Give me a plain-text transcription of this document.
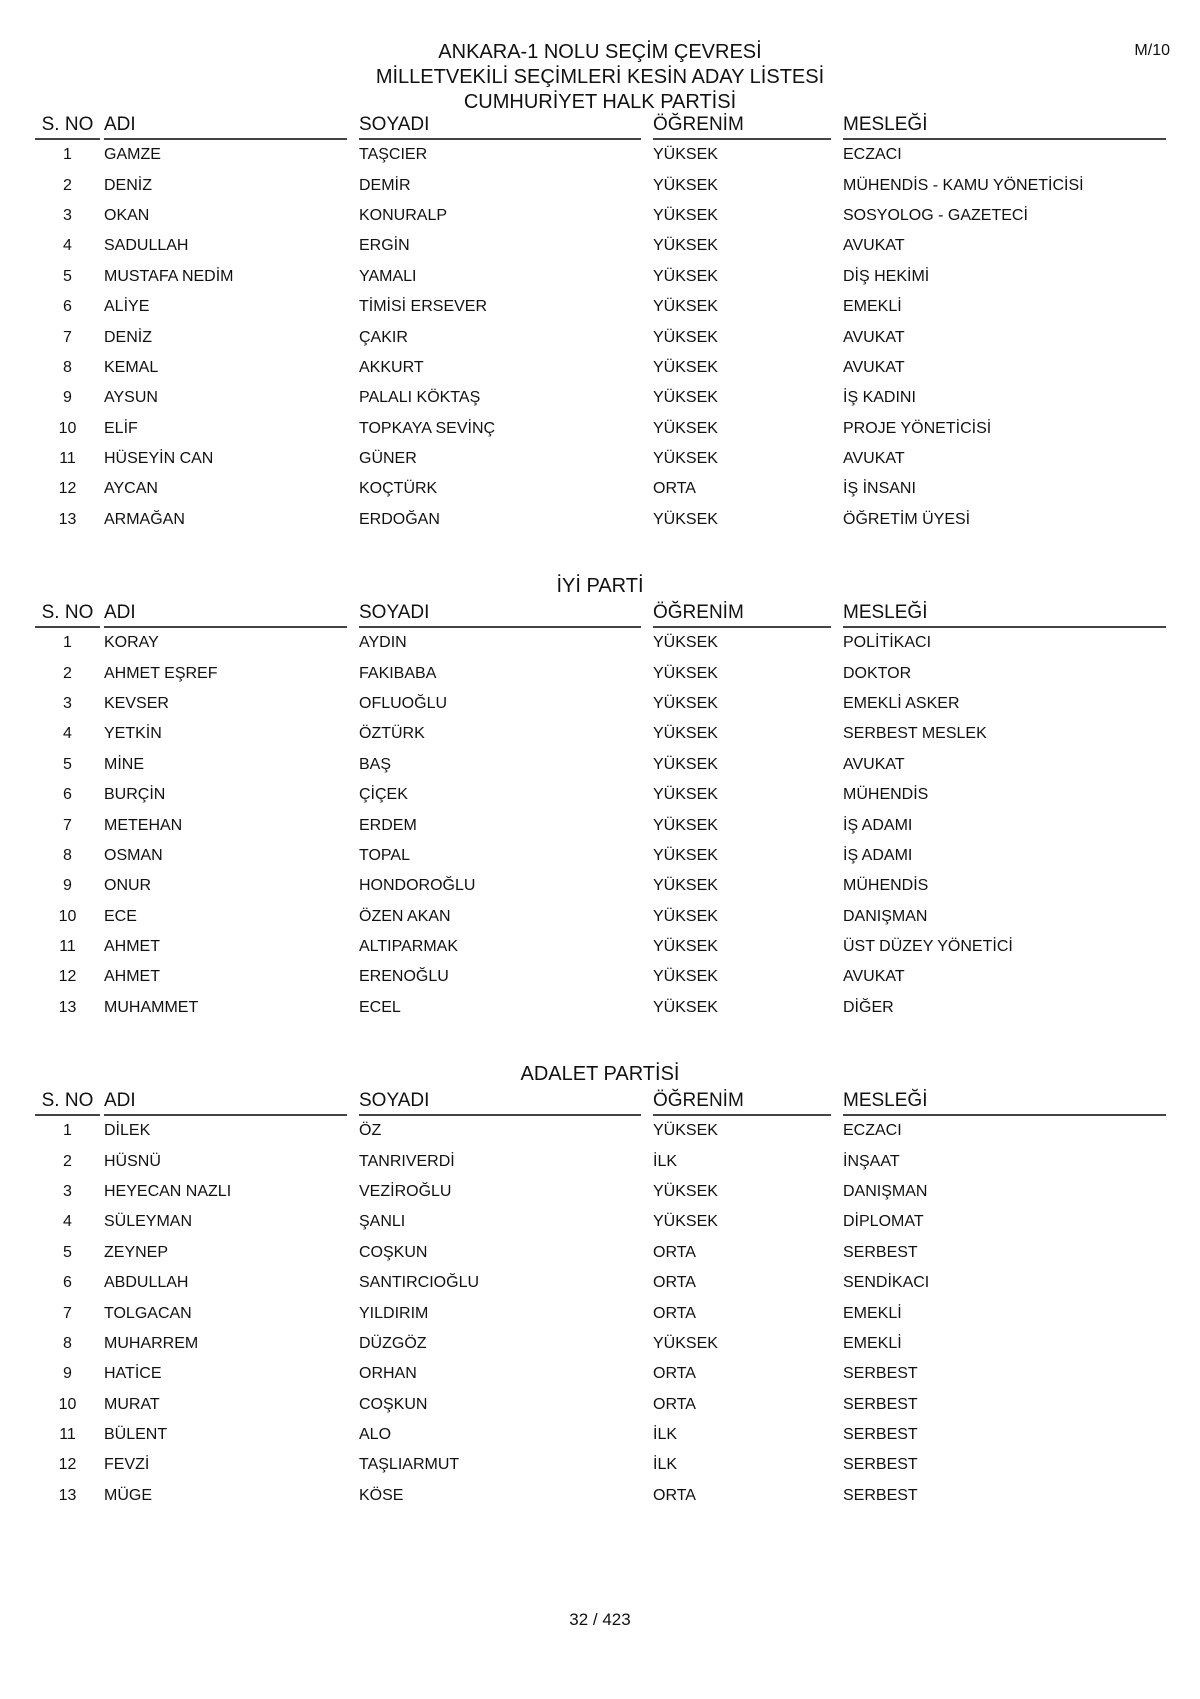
M/10
ANKARA-1 NOLU SEÇİM ÇEVRESİ
MİLLETVEKİLİ SEÇİMLERİ KESİN ADAY LİSTESİ
CUMHURİYET HALK PARTİSİ
S. NO	ADI	SOYADI	ÖĞRENİM	MESLEĞİ

1	GAMZE	TAŞCIER	YÜKSEK	ECZACI
2	DENİZ	DEMİR	YÜKSEK	MÜHENDİS - KAMU YÖNETİCİSİ
3	OKAN	KONURALP	YÜKSEK	SOSYOLOG - GAZETECİ
4	SADULLAH	ERGİN	YÜKSEK	AVUKAT
5	MUSTAFA NEDİM	YAMALI	YÜKSEK	DİŞ HEKİMİ
6	ALİYE	TİMİSİ ERSEVER	YÜKSEK	EMEKLİ
7	DENİZ	ÇAKIR	YÜKSEK	AVUKAT
8	KEMAL	AKKURT	YÜKSEK	AVUKAT
9	AYSUN	PALALI KÖKTAŞ	YÜKSEK	İŞ KADINI
10	ELİF	TOPKAYA SEVİNÇ	YÜKSEK	PROJE YÖNETİCİSİ
11	HÜSEYİN CAN	GÜNER	YÜKSEK	AVUKAT
12	AYCAN	KOÇTÜRK	ORTA	İŞ İNSANI
13	ARMAĞAN	ERDOĞAN	YÜKSEK	ÖĞRETİM ÜYESİ
İYİ PARTİ
S. NO	ADI	SOYADI	ÖĞRENİM	MESLEĞİ

1	KORAY	AYDIN	YÜKSEK	POLİTİKACI
2	AHMET EŞREF	FAKIBABA	YÜKSEK	DOKTOR
3	KEVSER	OFLUOĞLU	YÜKSEK	EMEKLİ ASKER
4	YETKİN	ÖZTÜRK	YÜKSEK	SERBEST MESLEK
5	MİNE	BAŞ	YÜKSEK	AVUKAT
6	BURÇİN	ÇİÇEK	YÜKSEK	MÜHENDİS
7	METEHAN	ERDEM	YÜKSEK	İŞ ADAMI
8	OSMAN	TOPAL	YÜKSEK	İŞ ADAMI
9	ONUR	HONDOROĞLU	YÜKSEK	MÜHENDİS
10	ECE	ÖZEN AKAN	YÜKSEK	DANIŞMAN
11	AHMET	ALTIPARMAK	YÜKSEK	ÜST DÜZEY YÖNETİCİ
12	AHMET	ERENOĞLU	YÜKSEK	AVUKAT
13	MUHAMMET	ECEL	YÜKSEK	DİĞER
ADALET PARTİSİ
S. NO	ADI	SOYADI	ÖĞRENİM	MESLEĞİ

1	DİLEK	ÖZ	YÜKSEK	ECZACI
2	HÜSNÜ	TANRIVERDİ	İLK	İNŞAAT
3	HEYECAN NAZLI	VEZİROĞLU	YÜKSEK	DANIŞMAN
4	SÜLEYMAN	ŞANLI	YÜKSEK	DİPLOMAT
5	ZEYNEP	COŞKUN	ORTA	SERBEST
6	ABDULLAH	SANTIRCIOĞLU	ORTA	SENDİKACI
7	TOLGACAN	YILDIRIM	ORTA	EMEKLİ
8	MUHARREM	DÜZGÖZ	YÜKSEK	EMEKLİ
9	HATİCE	ORHAN	ORTA	SERBEST
10	MURAT	COŞKUN	ORTA	SERBEST
11	BÜLENT	ALO	İLK	SERBEST
12	FEVZİ	TAŞLIARMUT	İLK	SERBEST
13	MÜGE	KÖSE	ORTA	SERBEST
32 / 423
